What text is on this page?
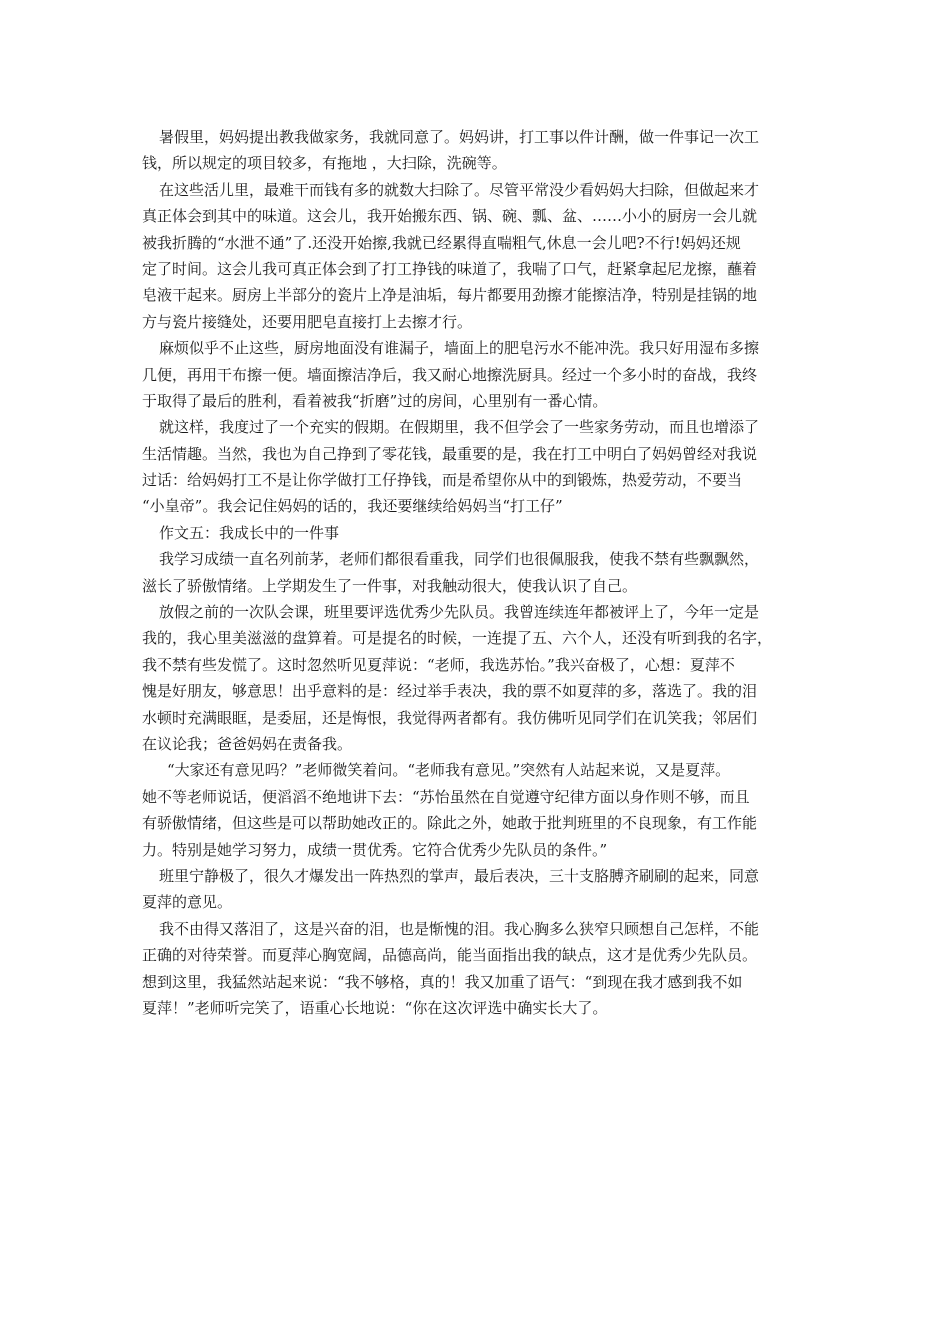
暑假里，妈妈提出教我做家务，我就同意了。妈妈讲，打工事以件计酬，做一件事记一次工
钱，所以规定的项目较多，有拖地 ，大扫除，洗碗等。
在这些活儿里，最难干而钱有多的就数大扫除了。尽管平常没少看妈妈大扫除，但做起来才
真正体会到其中的味道。这会儿，我开始搬东西、锅、碗、瓢、盆、……小小的厨房一会儿就
被我折腾的“水泄不通”了.还没开始擦,我就已经累得直喘粗气,休息一会儿吧?不行!妈妈还规
定了时间。这会儿我可真正体会到了打工挣钱的味道了，我喘了口气，赶紧拿起尼龙擦，蘸着
皂液干起来。厨房上半部分的瓷片上净是油垢，每片都要用劲擦才能擦洁净，特别是挂锅的地
方与瓷片接缝处，还要用肥皂直接打上去擦才行。
麻烦似乎不止这些，厨房地面没有谁漏子，墙面上的肥皂污水不能冲洗。我只好用湿布多擦
几便，再用干布擦一便。墙面擦洁净后，我又耐心地擦洗厨具。经过一个多小时的奋战，我终
于取得了最后的胜利，看着被我“折磨”过的房间，心里别有一番心情。
就这样，我度过了一个充实的假期。在假期里，我不但学会了一些家务劳动，而且也增添了
生活情趣。当然，我也为自己挣到了零花钱，最重要的是，我在打工中明白了妈妈曾经对我说
过话：给妈妈打工不是让你学做打工仔挣钱，而是希望你从中的到锻炼，热爱劳动，不要当
“小皇帝”。我会记住妈妈的话的，我还要继续给妈妈当“打工仔”
作文五：我成长中的一件事
我学习成绩一直名列前茅，老师们都很看重我，同学们也很佩服我，使我不禁有些飘飘然，
滋长了骄傲情绪。上学期发生了一件事，对我触动很大，使我认识了自己。
放假之前的一次队会课，班里要评选优秀少先队员。我曾连续连年都被评上了，今年一定是
我的，我心里美滋滋的盘算着。可是提名的时候，一连提了五、六个人，还没有听到我的名字，
我不禁有些发慌了。这时忽然听见夏萍说：“老师，我选苏怡。”我兴奋极了，心想：夏萍不
愧是好朋友，够意思！出乎意料的是：经过举手表决，我的票不如夏萍的多，落选了。我的泪
水顿时充满眼眶，是委屈，还是悔恨，我觉得两者都有。我仿佛听见同学们在讥笑我；邻居们
在议论我；爸爸妈妈在责备我。
“大家还有意见吗？”老师微笑着问。“老师我有意见。”突然有人站起来说，又是夏萍。
她不等老师说话，便滔滔不绝地讲下去：“苏怡虽然在自觉遵守纪律方面以身作则不够，而且
有骄傲情绪，但这些是可以帮助她改正的。除此之外，她敢于批判班里的不良现象，有工作能
力。特别是她学习努力，成绩一贯优秀。它符合优秀少先队员的条件。”
班里宁静极了，很久才爆发出一阵热烈的掌声，最后表决，三十支胳膊齐刷刷的起来，同意
夏萍的意见。
我不由得又落泪了，这是兴奋的泪，也是惭愧的泪。我心胸多么狭窄只顾想自己怎样，不能
正确的对待荣誉。而夏萍心胸宽阔，品德高尚，能当面指出我的缺点，这才是优秀少先队员。
想到这里，我猛然站起来说：“我不够格，真的！我又加重了语气：“到现在我才感到我不如
夏萍！”老师听完笑了，语重心长地说：“你在这次评选中确实长大了。
